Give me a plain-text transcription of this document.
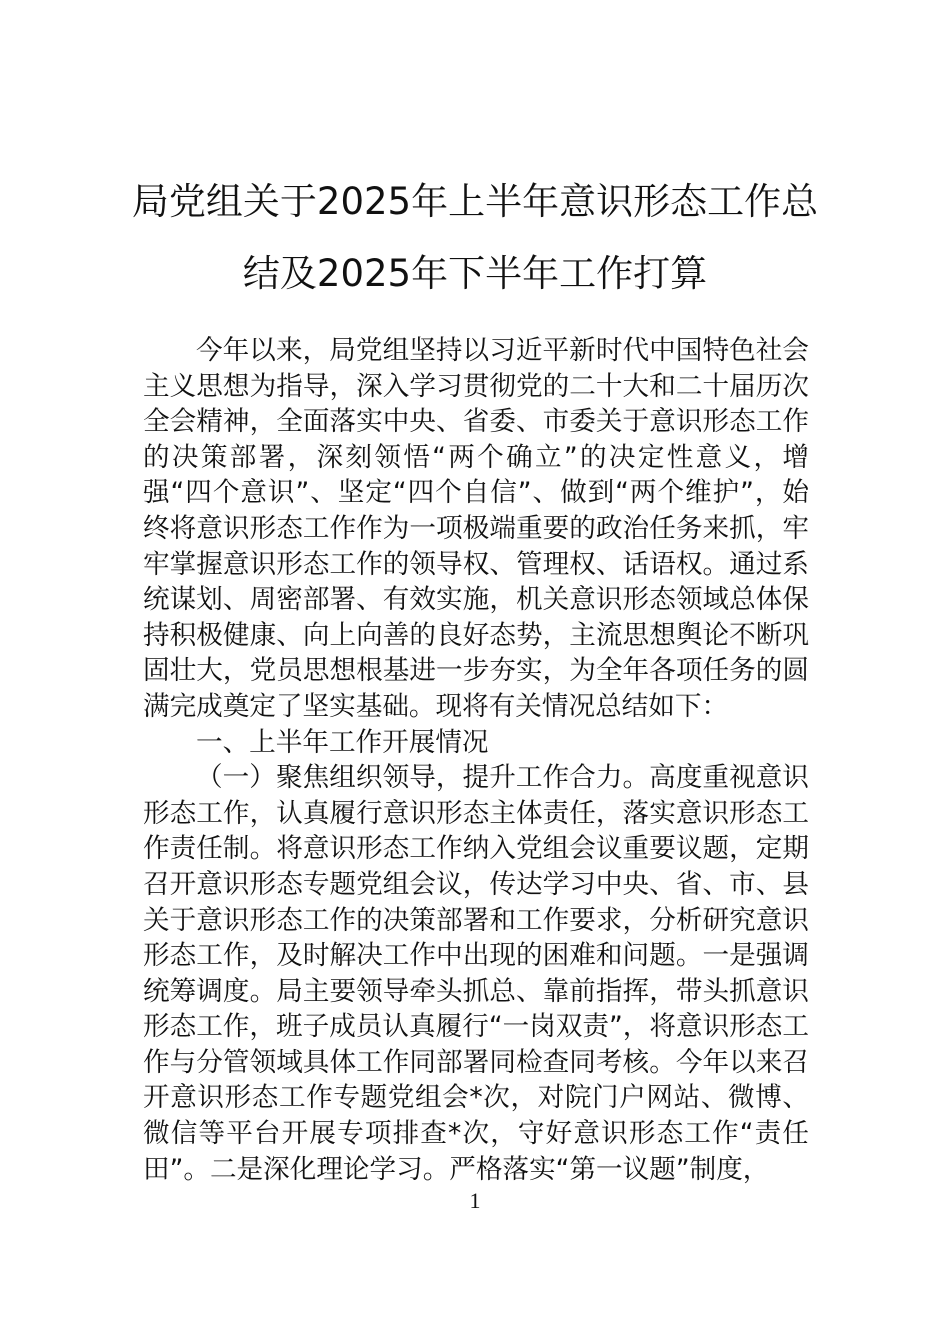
局党组关于2025年上半年意识形态工作总
结及2025年下半年工作打算

今年以来，局党组坚持以习近平新时代中国特色社会主义思想为指导，深入学习贯彻党的二十大和二十届历次全会精神，全面落实中央、省委、市委关于意识形态工作的决策部署，深刻领悟“两个确立”的决定性意义，增强“四个意识”、坚定“四个自信”、做到“两个维护”，始终将意识形态工作作为一项极端重要的政治任务来抓，牢牢掌握意识形态工作的领导权、管理权、话语权。通过系统谋划、周密部署、有效实施，机关意识形态领域总体保持积极健康、向上向善的良好态势，主流思想舆论不断巩固壮大，党员思想根基进一步夯实，为全年各项任务的圆满完成奠定了坚实基础。现将有关情况总结如下：

一、上半年工作开展情况

（一）聚焦组织领导，提升工作合力。高度重视意识形态工作，认真履行意识形态主体责任，落实意识形态工作责任制。将意识形态工作纳入党组会议重要议题，定期召开意识形态专题党组会议，传达学习中央、省、市、县关于意识形态工作的决策部署和工作要求，分析研究意识形态工作，及时解决工作中出现的困难和问题。一是强调统筹调度。局主要领导牵头抓总、靠前指挥，带头抓意识形态工作，班子成员认真履行“一岗双责”，将意识形态工作与分管领域具体工作同部署同检查同考核。今年以来召开意识形态工作专题党组会*次，对院门户网站、微博、微信等平台开展专项排查*次，守好意识形态工作“责任田”。二是深化理论学习。严格落实“第一议题”制度，

1
